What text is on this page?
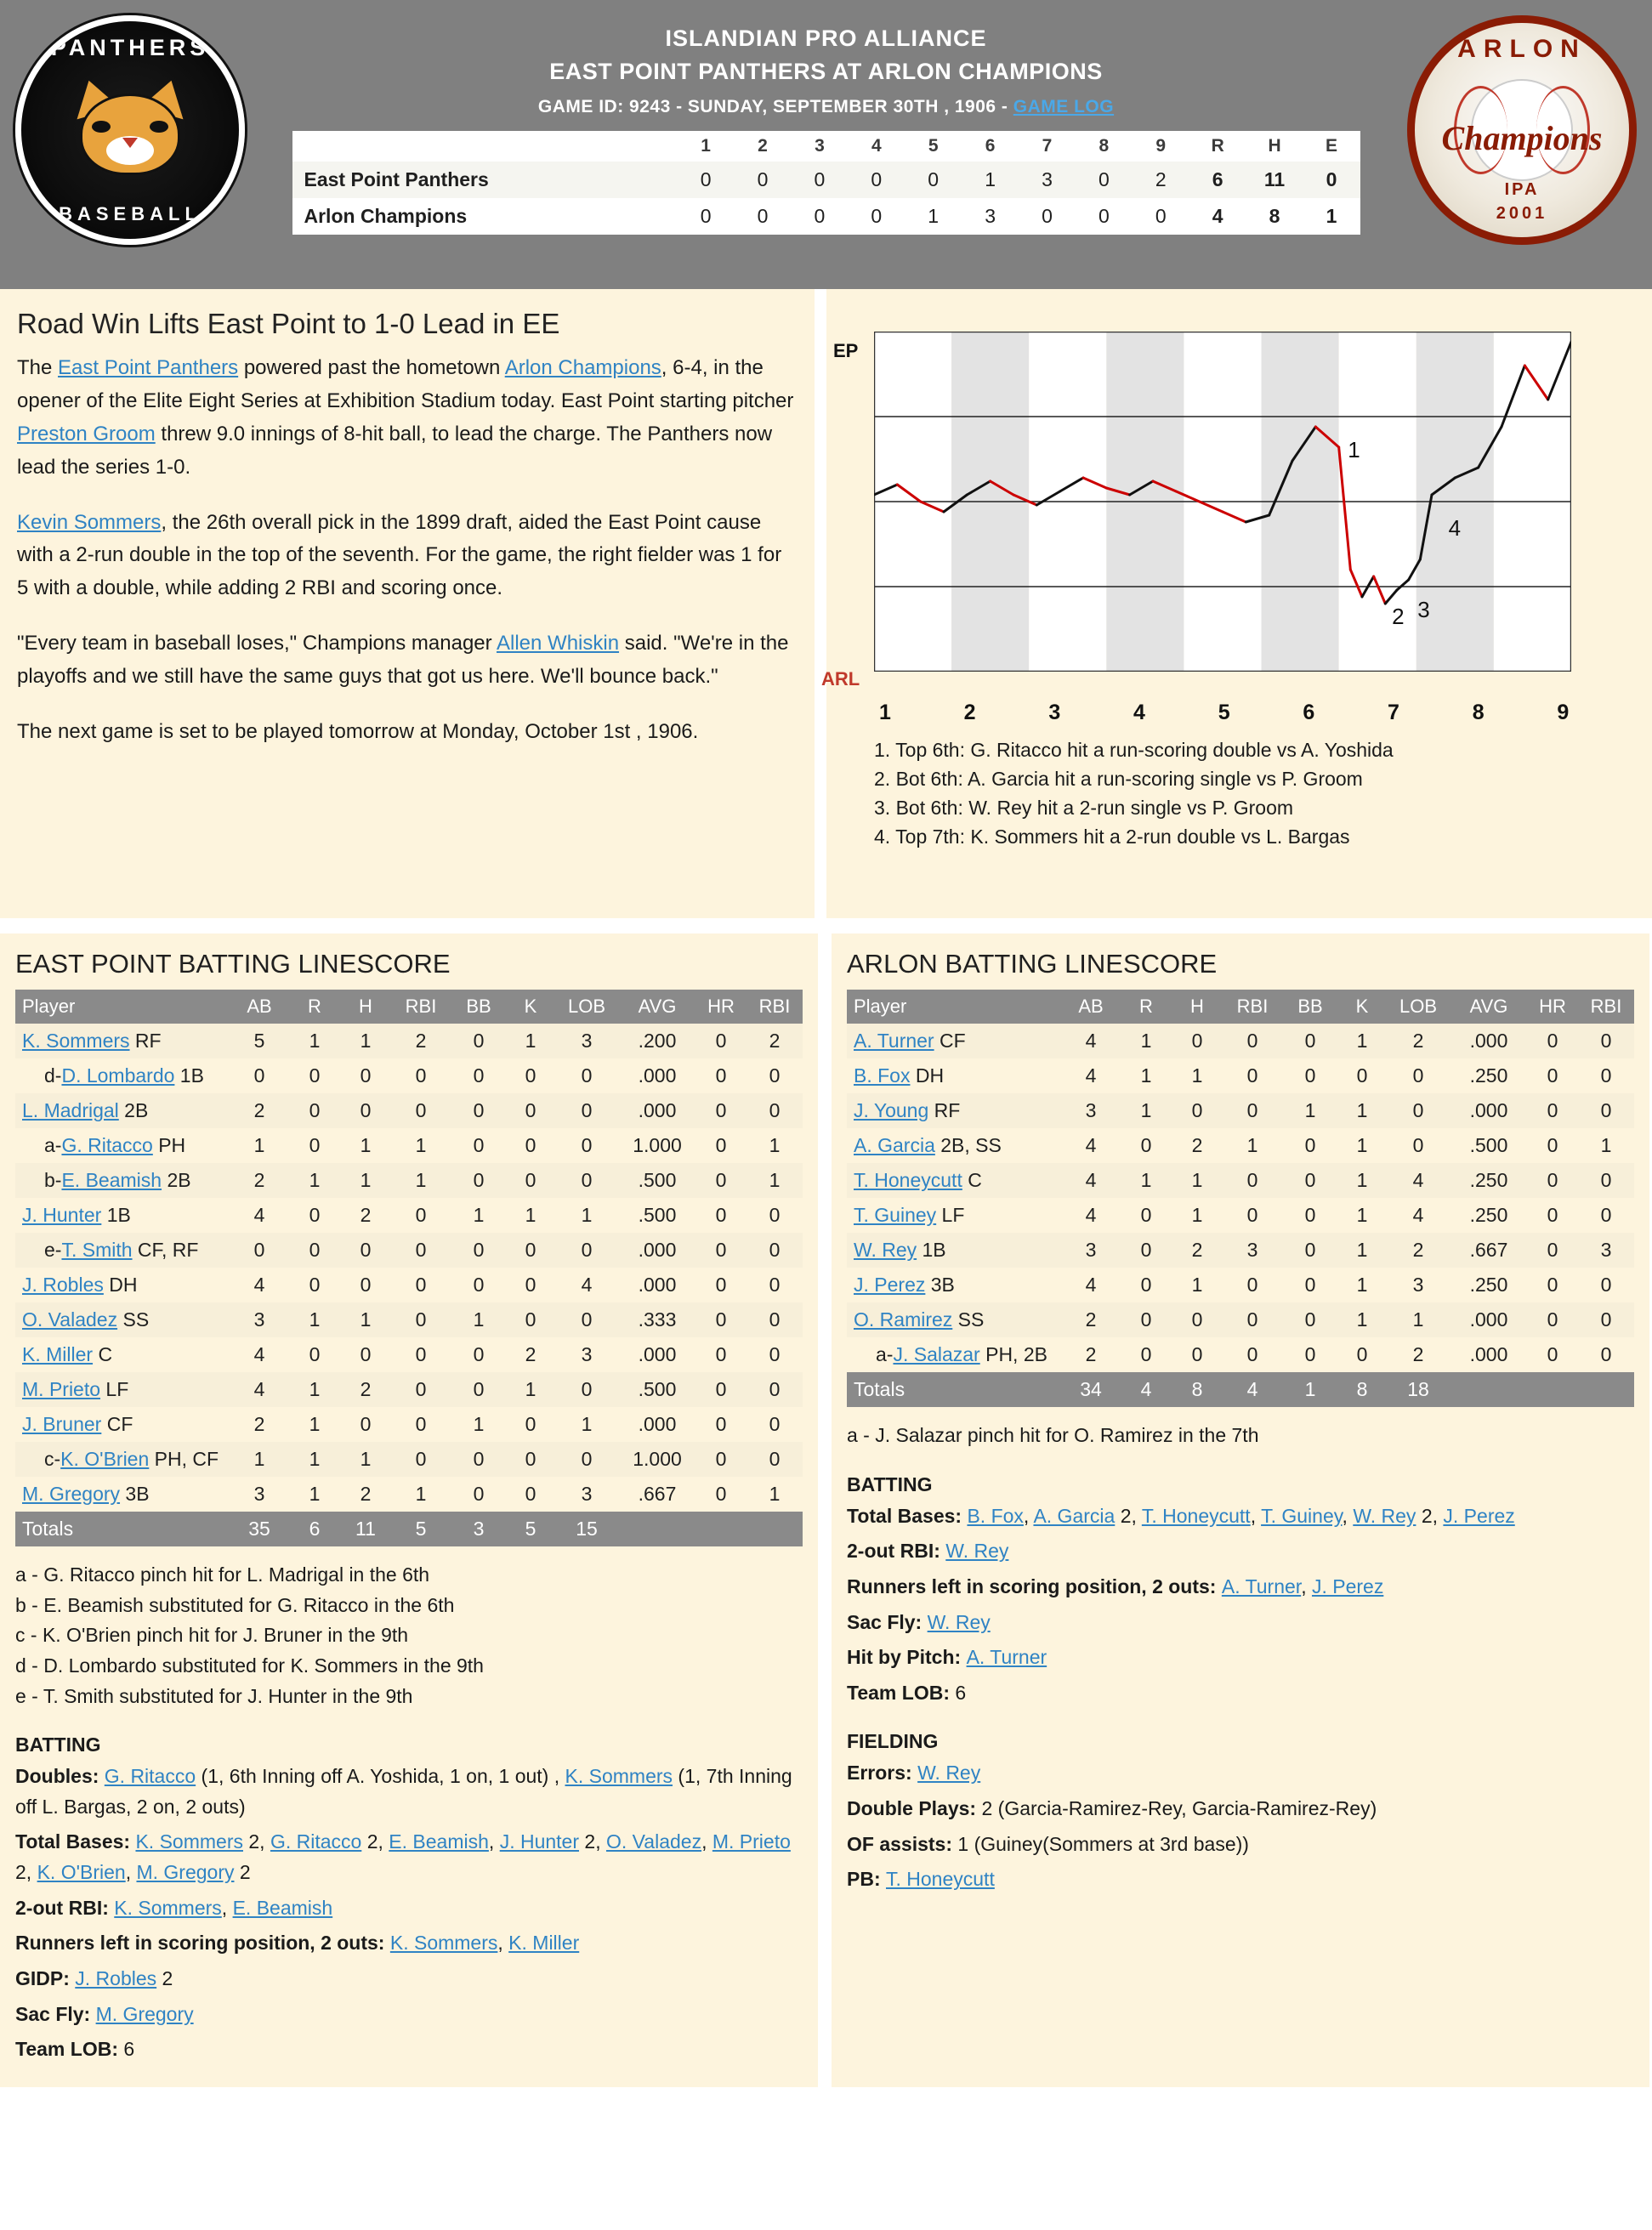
PANTHERS
BASEBALL
ISLANDIAN PRO ALLIANCE
EAST POINT PANTHERS AT ARLON CHAMPIONS
GAME ID: 9243 - SUNDAY, SEPTEMBER 30TH , 1906 - GAME LOG
	1	2	3	4	5	6	7	8	9	R	H	E
East Point Panthers	0	0	0	0	0	1	3	0	2	6	11	0
Arlon Champions	0	0	0	0	1	3	0	0	0	4	8	1
ARLON
Champions
IPA
2001
Road Win Lifts East Point to 1-0 Lead in EE

The East Point Panthers powered past the hometown Arlon Champions, 6-4, in the opener of the Elite Eight Series at Exhibition Stadium today. East Point starting pitcher Preston Groom threw 9.0 innings of 8-hit ball, to lead the charge. The Panthers now lead the series 1-0.

Kevin Sommers, the 26th overall pick in the 1899 draft, aided the East Point cause with a 2-run double in the top of the seventh. For the game, the right fielder was 1 for 5 with a double, while adding 2 RBI and scoring once.

"Every team in baseball loses," Champions manager Allen Whiskin said. "We're in the playoffs and we still have the same guys that got us here. We'll bounce back."

The next game is set to be played tomorrow at Monday, October 1st , 1906.

EP
ARL
1
2 3
4
1	2	3	4	5	6	7	8	9
1. Top 6th: G. Ritacco hit a run-scoring double vs A. Yoshida
2. Bot 6th: A. Garcia hit a run-scoring single vs P. Groom
3. Bot 6th: W. Rey hit a 2-run single vs P. Groom
4. Top 7th: K. Sommers hit a 2-run double vs L. Bargas
EAST POINT BATTING LINESCORE
Player	AB	R	H	RBI	BB	K	LOB	AVG	HR	RBI
K. Sommers RF	5	1	1	2	0	1	3	.200	0	2
d-D. Lombardo 1B	0	0	0	0	0	0	0	.000	0	0
L. Madrigal 2B	2	0	0	0	0	0	0	.000	0	0
a-G. Ritacco PH	1	0	1	1	0	0	0	1.000	0	1
b-E. Beamish 2B	2	1	1	1	0	0	0	.500	0	1
J. Hunter 1B	4	0	2	0	1	1	1	.500	0	0
e-T. Smith CF, RF	0	0	0	0	0	0	0	.000	0	0
J. Robles DH	4	0	0	0	0	0	4	.000	0	0
O. Valadez SS	3	1	1	0	1	0	0	.333	0	0
K. Miller C	4	0	0	0	0	2	3	.000	0	0
M. Prieto LF	4	1	2	0	0	1	0	.500	0	0
J. Bruner CF	2	1	0	0	1	0	1	.000	0	0
c-K. O'Brien PH, CF	1	1	1	0	0	0	0	1.000	0	0
M. Gregory 3B	3	1	2	1	0	0	3	.667	0	1
Totals	35	6	11	5	3	5	15			
a - G. Ritacco pinch hit for L. Madrigal in the 6th
b - E. Beamish substituted for G. Ritacco in the 6th
c - K. O'Brien pinch hit for J. Bruner in the 9th
d - D. Lombardo substituted for K. Sommers in the 9th
e - T. Smith substituted for J. Hunter in the 9th
BATTING
Doubles: G. Ritacco (1, 6th Inning off A. Yoshida, 1 on, 1 out) , K. Sommers (1, 7th Inning off L. Bargas, 2 on, 2 outs)
Total Bases: K. Sommers 2, G. Ritacco 2, E. Beamish, J. Hunter 2, O. Valadez, M. Prieto 2, K. O'Brien, M. Gregory 2
2-out RBI: K. Sommers, E. Beamish
Runners left in scoring position, 2 outs: K. Sommers, K. Miller
GIDP: J. Robles 2
Sac Fly: M. Gregory
Team LOB: 6
ARLON BATTING LINESCORE
Player	AB	R	H	RBI	BB	K	LOB	AVG	HR	RBI
A. Turner CF	4	1	0	0	0	1	2	.000	0	0
B. Fox DH	4	1	1	0	0	0	0	.250	0	0
J. Young RF	3	1	0	0	1	1	0	.000	0	0
A. Garcia 2B, SS	4	0	2	1	0	1	0	.500	0	1
T. Honeycutt C	4	1	1	0	0	1	4	.250	0	0
T. Guiney LF	4	0	1	0	0	1	4	.250	0	0
W. Rey 1B	3	0	2	3	0	1	2	.667	0	3
J. Perez 3B	4	0	1	0	0	1	3	.250	0	0
O. Ramirez SS	2	0	0	0	0	1	1	.000	0	0
a-J. Salazar PH, 2B	2	0	0	0	0	0	2	.000	0	0
Totals	34	4	8	4	1	8	18			
a - J. Salazar pinch hit for O. Ramirez in the 7th
BATTING
Total Bases: B. Fox, A. Garcia 2, T. Honeycutt, T. Guiney, W. Rey 2, J. Perez
2-out RBI: W. Rey
Runners left in scoring position, 2 outs: A. Turner, J. Perez
Sac Fly: W. Rey
Hit by Pitch: A. Turner
Team LOB: 6
FIELDING
Errors: W. Rey
Double Plays: 2 (Garcia-Ramirez-Rey, Garcia-Ramirez-Rey)
OF assists: 1 (Guiney(Sommers at 3rd base))
PB: T. Honeycutt
